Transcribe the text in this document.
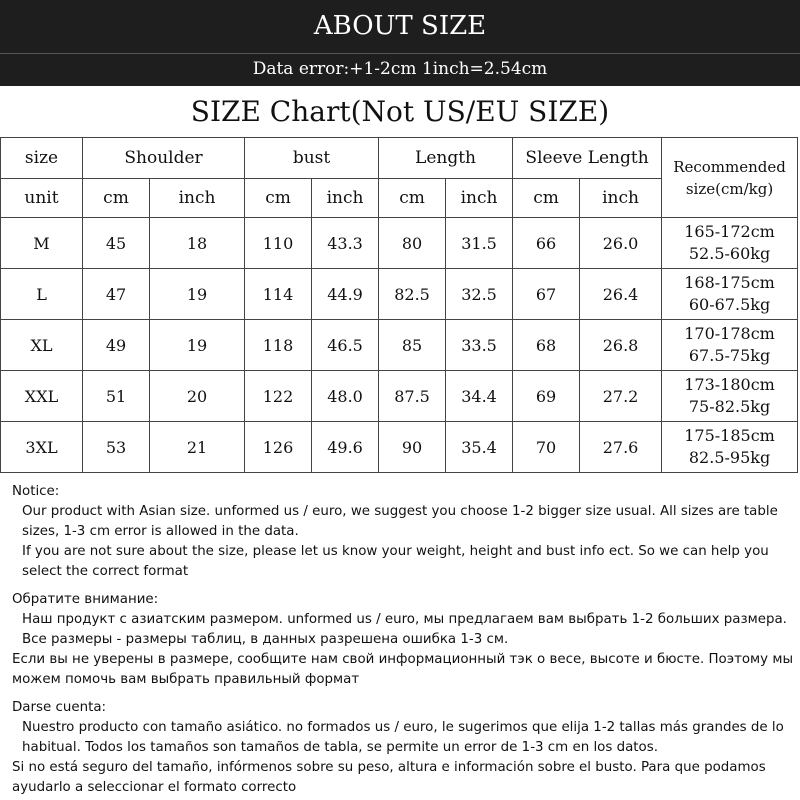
ABOUT SIZE
Data error:+1-2cm 1inch=2.54cm
SIZE Chart(Not US/EU SIZE)
size	Shoulder		bust		Length		Sleeve Length		Recommended
size(cm/kg)

unit	cm	inch	cm	inch	cm	inch	cm	inch	
M	45	18	110	43.3	80	31.5	66	26.0	165-172cm
52.5-60kg

L	47	19	114	44.9	82.5	32.5	67	26.4	168-175cm
60-67.5kg

XL	49	19	118	46.5	85	33.5	68	26.8	170-178cm
67.5-75kg

XXL	51	20	122	48.0	87.5	34.4	69	27.2	173-180cm
75-82.5kg

3XL	53	21	126	49.6	90	35.4	70	27.6	175-185cm
82.5-95kg

Notice:

Our product with Asian size. unformed us / euro, we suggest you choose 1-2 bigger size usual. All sizes are table sizes, 1-3 cm error is allowed in the data.

If you are not sure about the size, please let us know your weight, height and bust info ect. So we can help you select the correct format

Обратите внимание:

Наш продукт с азиатским размером. unformed us / euro, мы предлагаем вам выбрать 1-2 больших размера. Все размеры - размеры таблиц, в данных разрешена ошибка 1-3 см.

Если вы не уверены в размере, сообщите нам свой информационный тэк о весе, высоте и бюсте. Поэтому мы можем помочь вам выбрать правильный формат

Darse cuenta:

Nuestro producto con tamaño asiático. no formados us / euro, le sugerimos que elija 1-2 tallas más grandes de lo habitual. Todos los tamaños son tamaños de tabla, se permite un error de 1-3 cm en los datos.

Si no está seguro del tamaño, infórmenos sobre su peso, altura e información sobre el busto. Para que podamos ayudarlo a seleccionar el formato correcto
